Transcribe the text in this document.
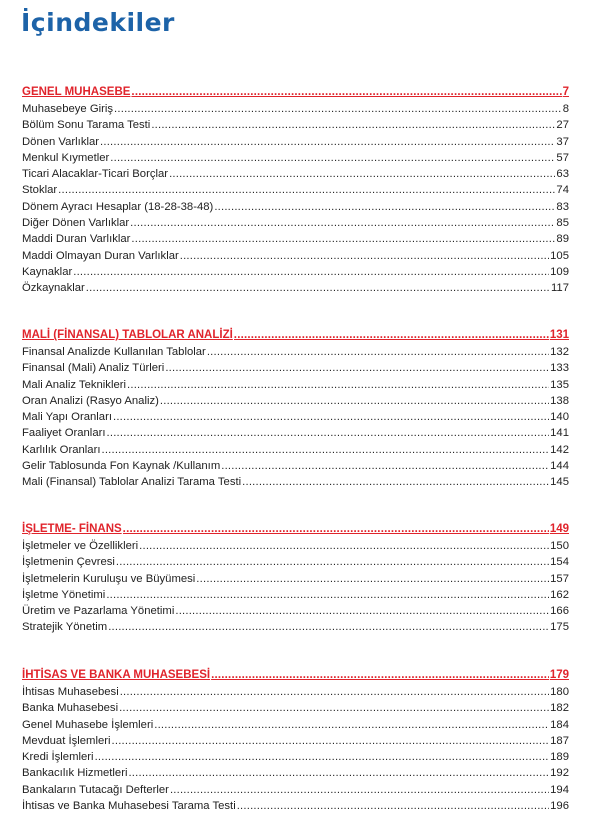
İçindekiler
GENEL MUHASEBE .....	7
Muhasebeye Giriş .....	8
Bölüm Sonu Tarama Testi .....	27
Dönen Varlıklar .....	37
Menkul Kıymetler .....	57
Ticari Alacaklar-Ticari Borçlar .....	63
Stoklar .....	74
Dönem Ayracı Hesaplar (18-28-38-48) .....	83
Diğer Dönen Varlıklar .....	85
Maddi Duran Varlıklar .....	89
Maddi Olmayan Duran Varlıklar .....	105
Kaynaklar .....	109
Özkaynaklar .....	117
MALİ (FİNANSAL) TABLOLAR ANALİZİ .....	131
Finansal Analizde Kullanılan Tablolar .....	132
Finansal (Mali) Analiz Türleri .....	133
Mali Analiz Teknikleri .....	135
Oran Analizi (Rasyo Analiz) .....	138
Mali Yapı Oranları .....	140
Faaliyet Oranları .....	141
Karlılık Oranları .....	142
Gelir Tablosunda Fon Kaynak /Kullanım .....	144
Mali (Finansal) Tablolar Analizi Tarama Testi .....	145
İŞLETME- FİNANS .....	149
İşletmeler ve Özellikleri .....	150
İşletmenin Çevresi .....	154
İşletmelerin Kuruluşu ve Büyümesi .....	157
İşletme Yönetimi .....	162
Üretim ve Pazarlama Yönetimi .....	166
Stratejik Yönetim .....	175
İHTİSAS VE BANKA MUHASEBESİ .....	179
İhtisas Muhasebesi .....	180
Banka Muhasebesi .....	182
Genel Muhasebe İşlemleri .....	184
Mevduat İşlemleri .....	187
Kredi İşlemleri .....	189
Bankacılık Hizmetleri .....	192
Bankaların Tutacağı Defterler .....	194
İhtisas ve Banka Muhasebesi Tarama Testi .....	196
